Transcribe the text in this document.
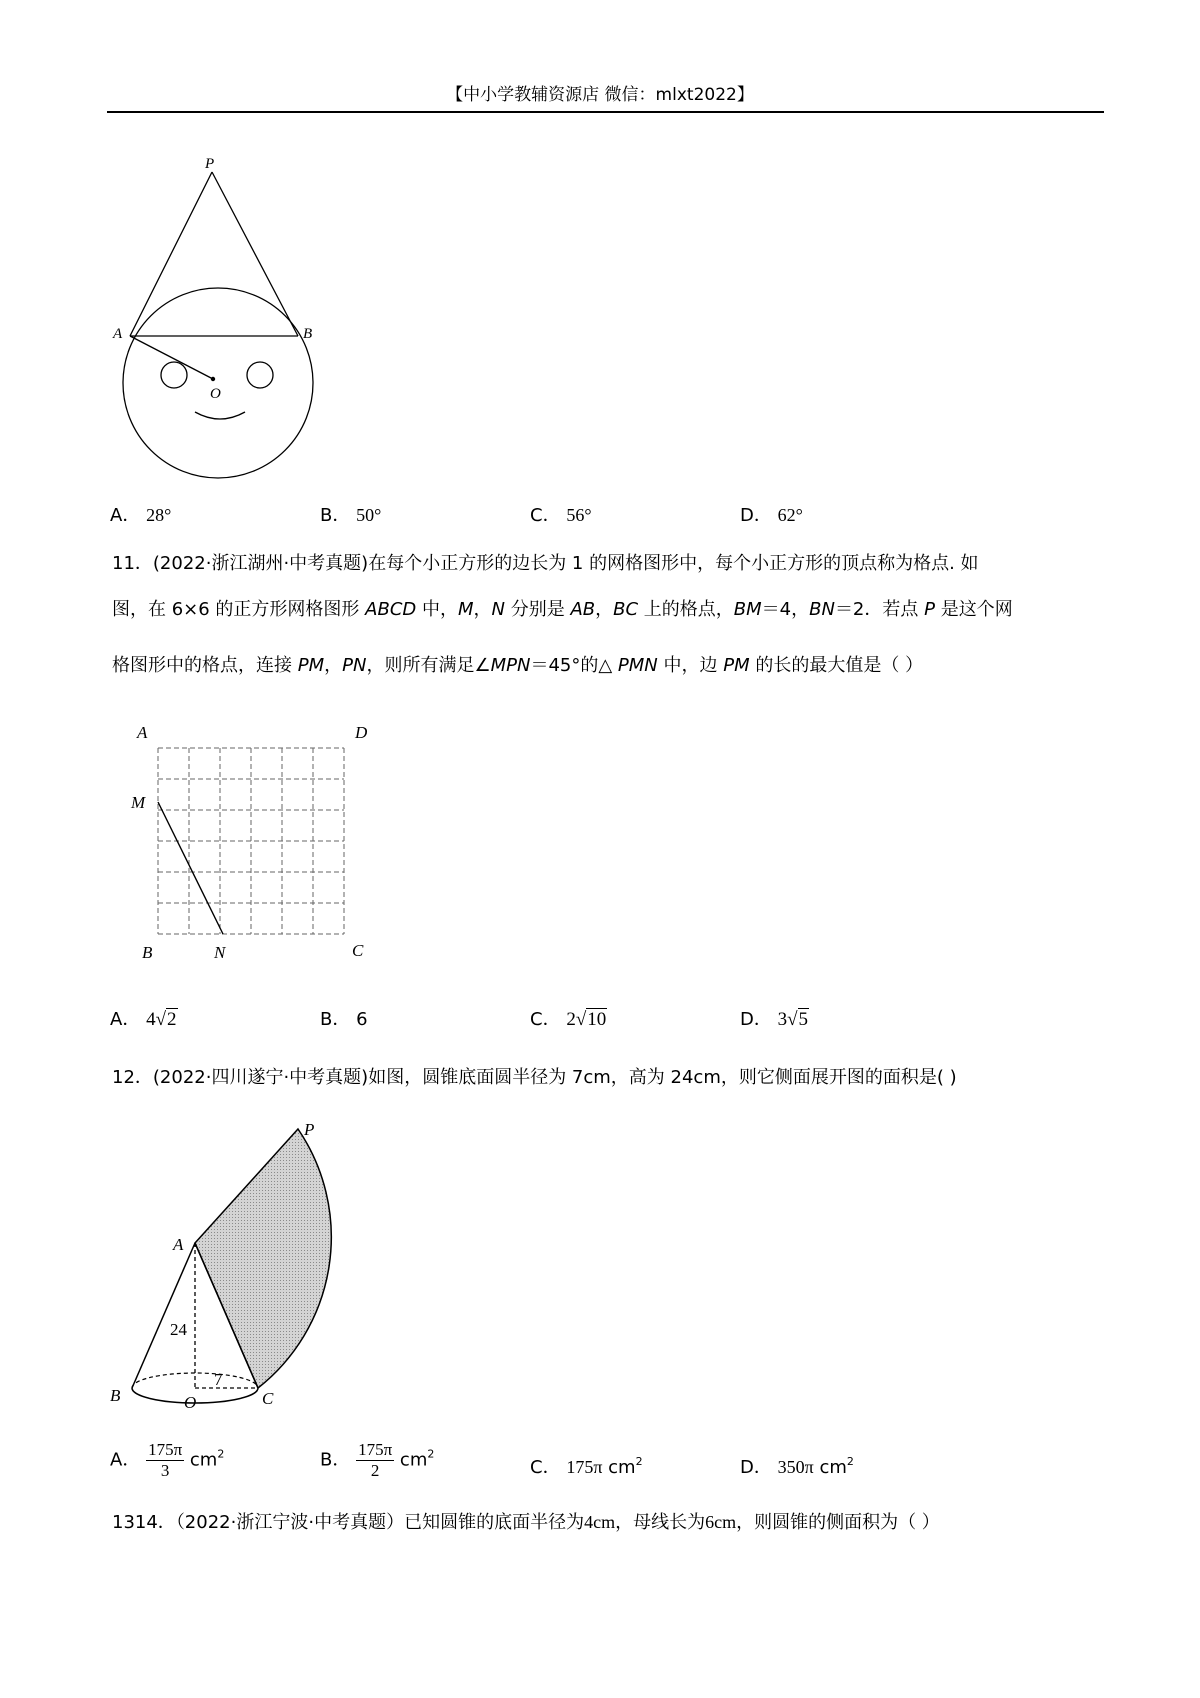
【中小学教辅资源店 微信：mlxt2022】
P
A	B
O
A． 28°	B． 50°	C． 56°	D． 62°
11．(2022·浙江湖州·中考真题)在每个小正方形的边长为 1 的网格图形中，每个小正方形的顶点称为格点. 如
图，在 6×6 的正方形网格图形 ABCD 中，M，N 分别是 AB，BC 上的格点，BM＝4，BN＝2．若点 P 是这个网
格图形中的格点，连接 PM，PN，则所有满足∠MPN＝45°的△ PMN 中，边 PM 的长的最大值是（ ）
A	D
M
B	N	C
A． 4√2	B． 6	C． 2√10	D． 3√5
12．(2022·四川遂宁·中考真题)如图，圆锥底面圆半径为 7cm，高为 24cm，则它侧面展开图的面积是( )
P
A
B	O	C
24
7
A． $\frac{175\pi}{3} cm^2$	B． $\frac{175\pi}{2} cm^2$
C． 175π $cm^2$	D． 350π $cm^2$
1314．（2022·浙江宁波·中考真题）已知圆锥的底面半径为4cm，母线长为6cm，则圆锥的侧面积为（ ）
